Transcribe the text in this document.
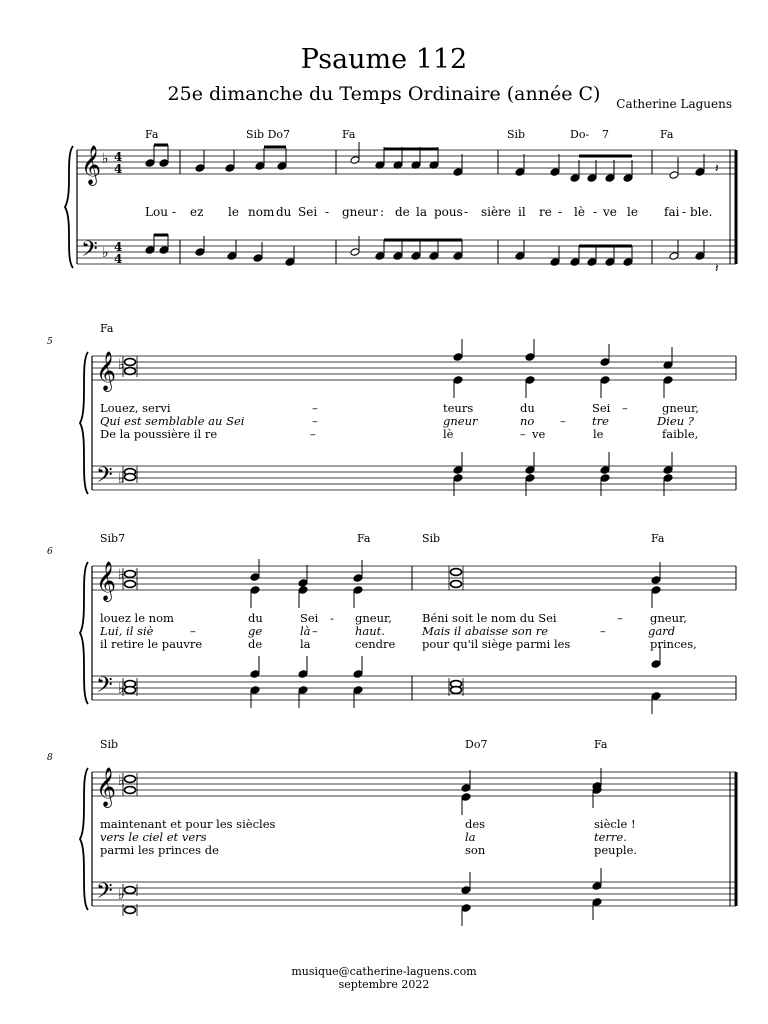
Psaume 112
25e dimanche du Temps Ordinaire (année C)	Catherine Laguens
𝄞
𝄢
♭
♭
4
4
4
4
𝄽
𝄽
Fa	Sib Do7	Fa	Sib	Do- 7	Fa
Lou - ez le nom du Sei - gneur : de la pous - sière il re - lè - ve le fai - ble.
𝄞
𝄢
♭
♭
5
Fa
Louez, servi	–	teurs	du	Sei –	gneur,
Qui est semblable au Sei	–	gneur	no – tre	Dieu ?
De la poussière il re	–	lè	– ve	le	faible,
𝄞
𝄢
♭
♭
6
Sib7	Fa	Sib	Fa
louez le nom	du	Sei - gneur,	Béni soit le nom du Sei	– gneur,
Lui, il siè	–	ge	là –	haut.	Mais il abaisse son re	–	gard
il retire le pauvre	de	la	cendre pour qu'il siège parmi les	princes,
𝄞
𝄢
♭
♭
8
Sib	Do7	Fa
maintenant et pour les siècles	des	siècle !
vers le ciel et vers	la	terre.
parmi les princes de	son	peuple.
musique@catherine-laguens.com
septembre 2022
